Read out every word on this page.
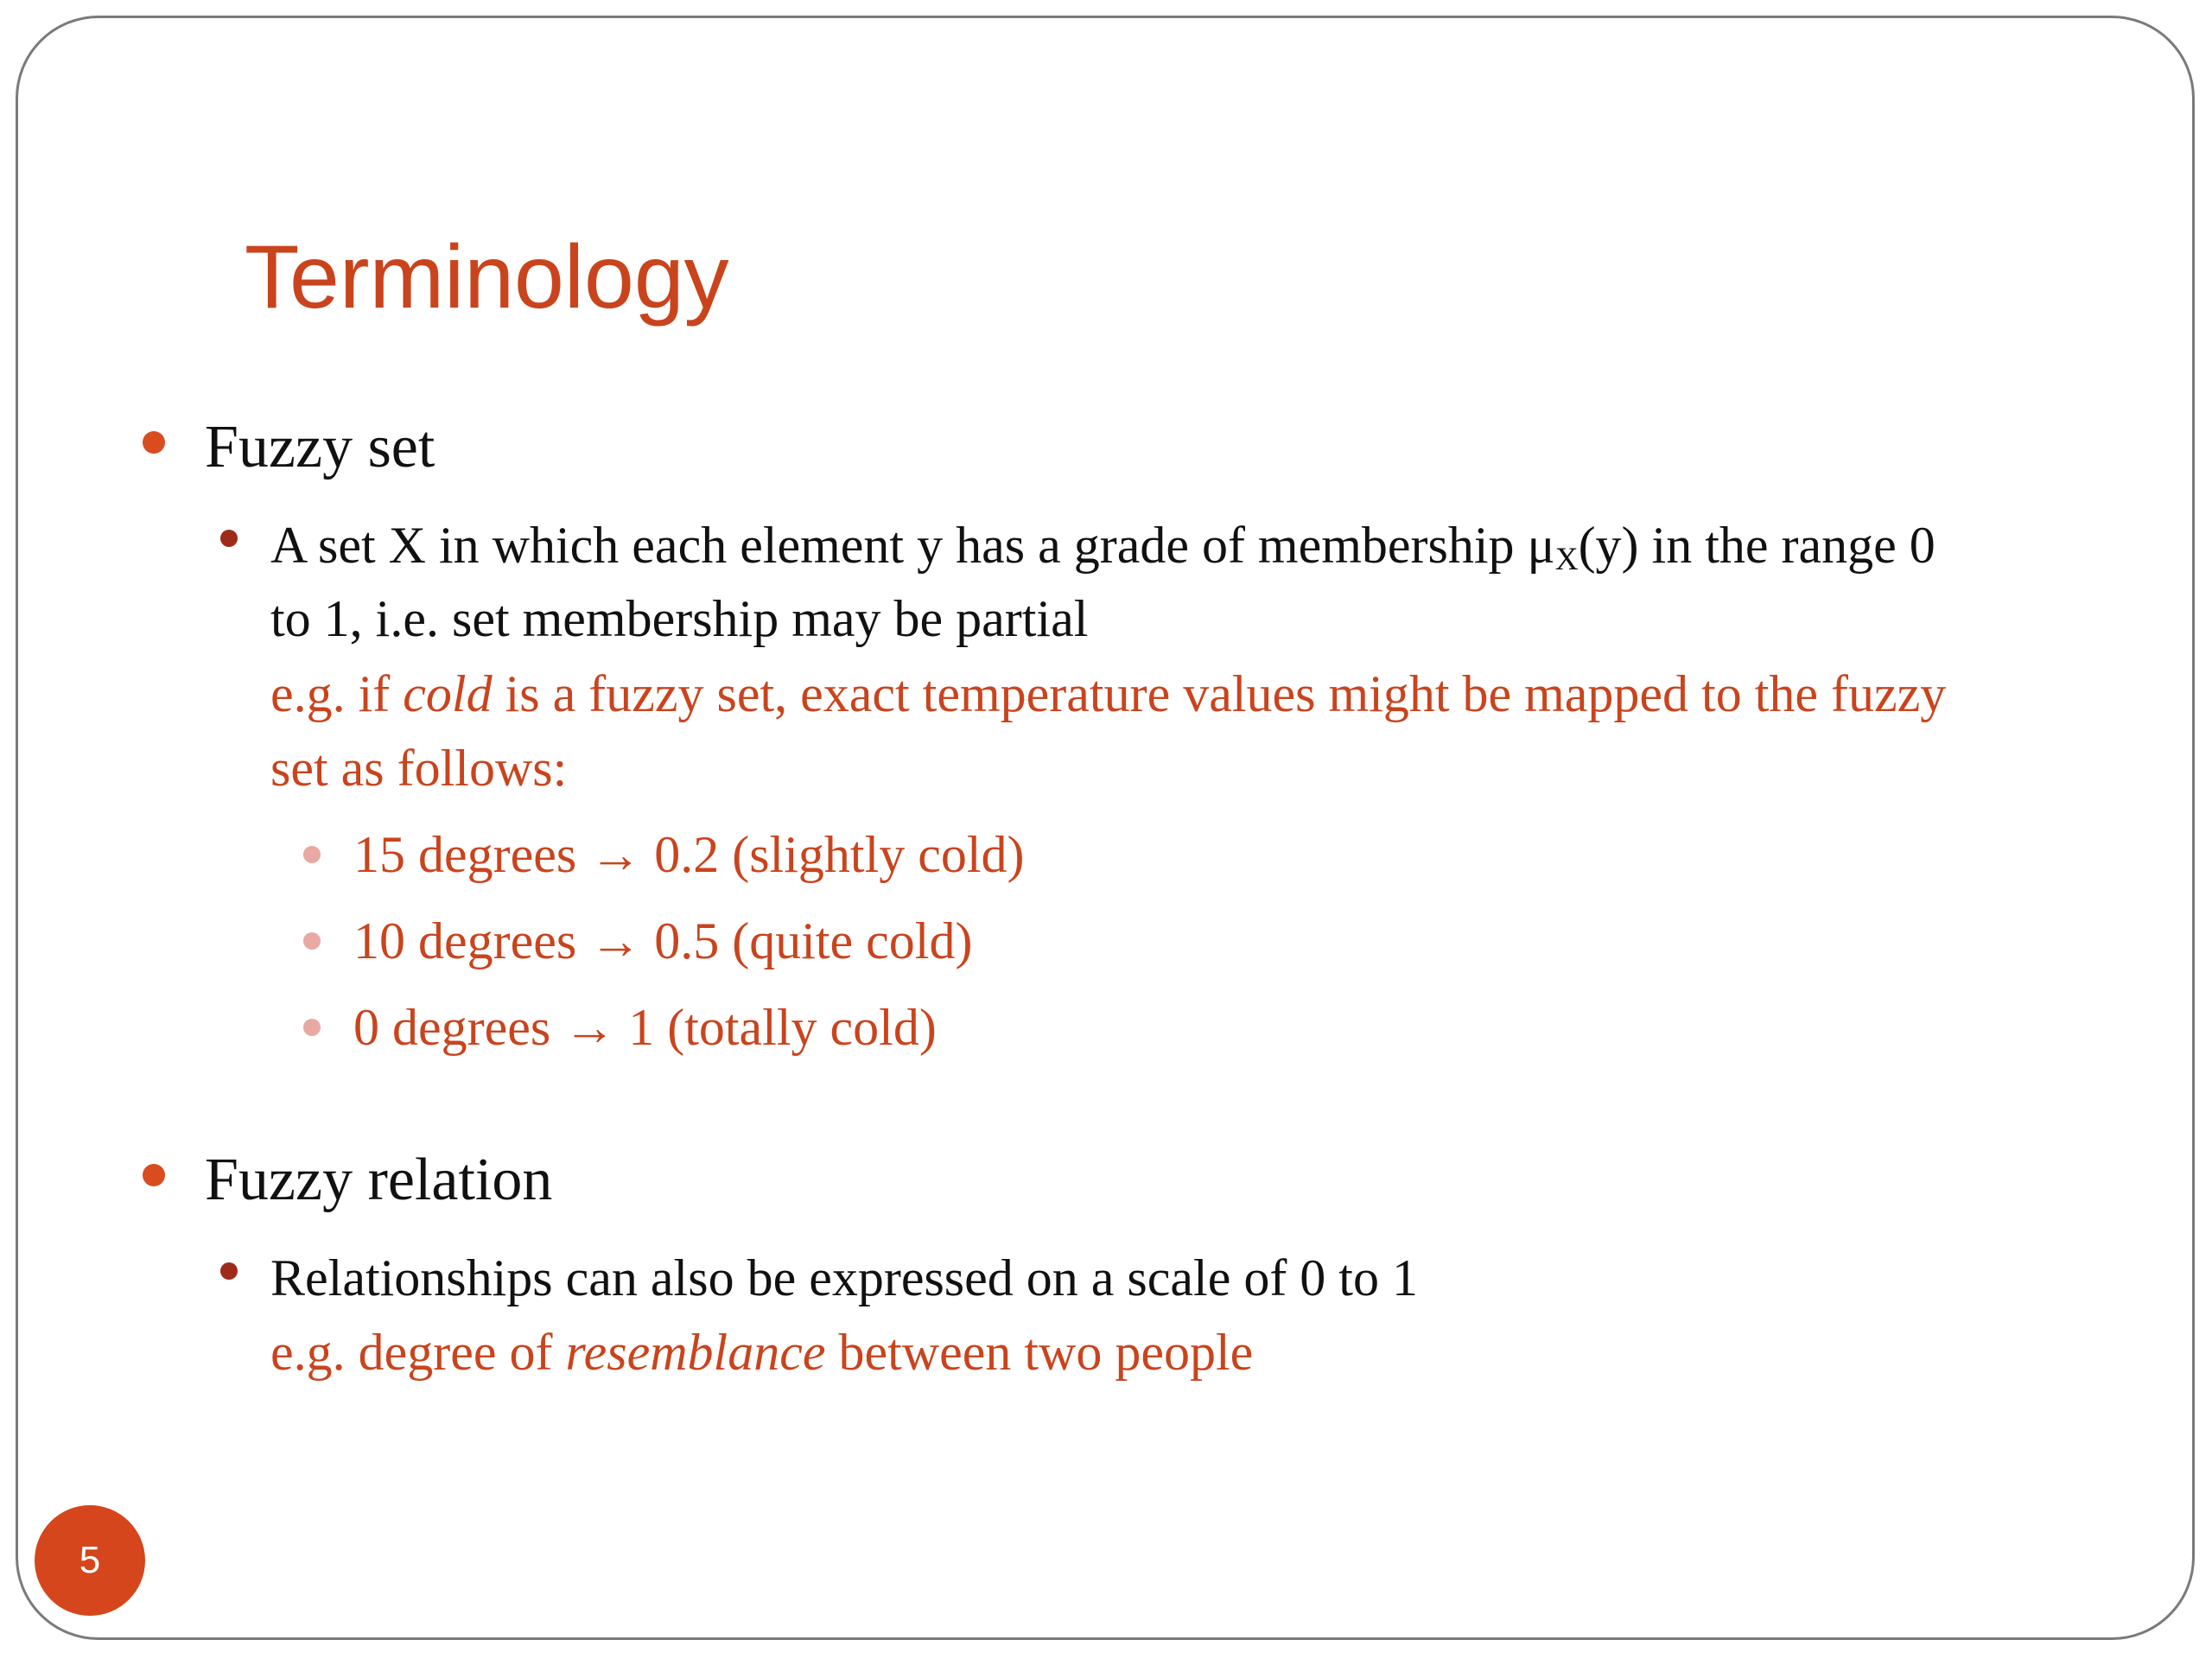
Terminology
Fuzzy set
A set X in which each element y has a grade of membership $\mu_X(y)$ in the range 0
to 1, i.e. set membership may be partial
e.g. if cold is a fuzzy set, exact temperature values might be mapped to the fuzzy
set as follows:
15 degrees → 0.2 (slightly cold)
10 degrees → 0.5 (quite cold)
0 degrees → 1 (totally cold)
Fuzzy relation
Relationships can also be expressed on a scale of 0 to 1
e.g. degree of resemblance between two people
5
